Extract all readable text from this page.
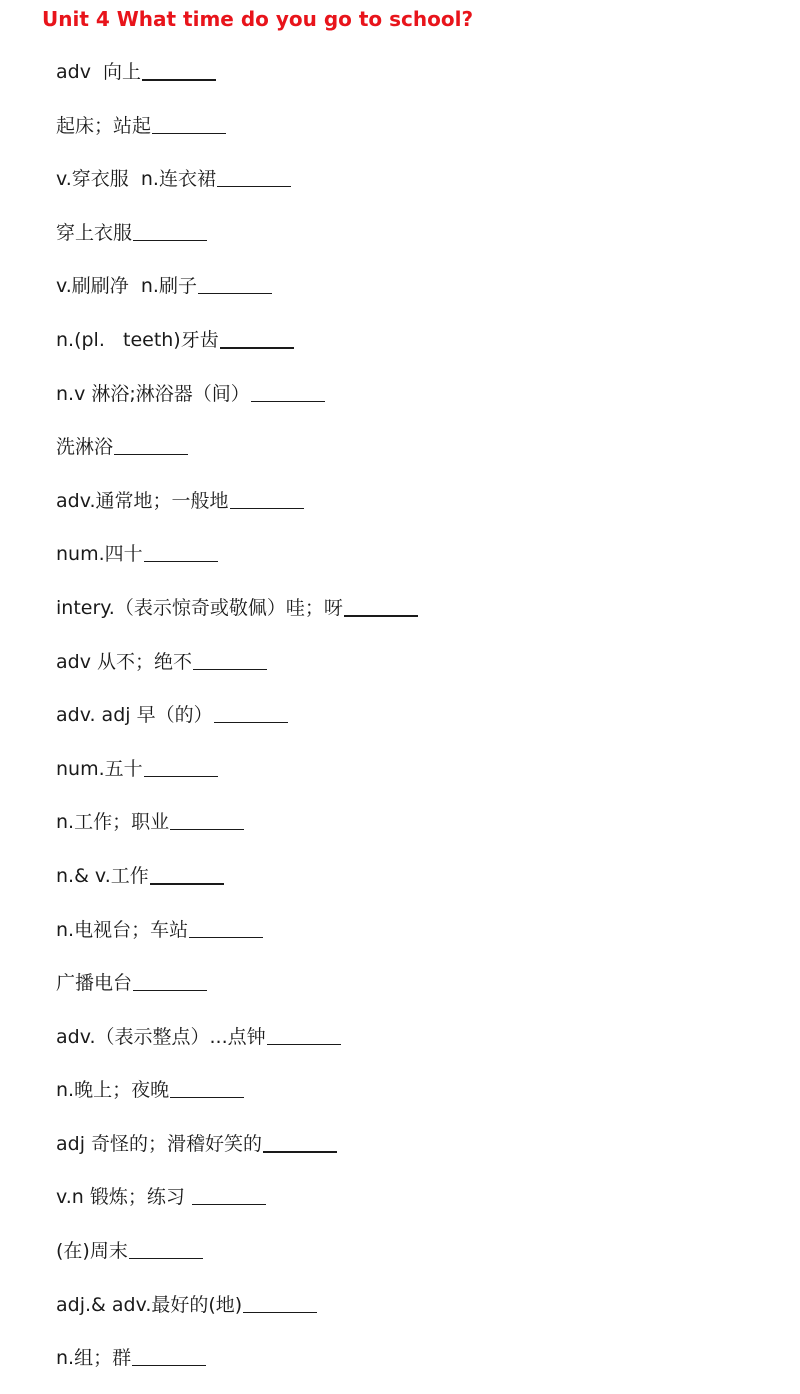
Unit 4 What time do you go to school?
adv  向上
起床；站起
v.穿衣服  n.连衣裙
穿上衣服
v.刷刷净  n.刷子
n.(pl.   teeth)牙齿
n.v 淋浴;淋浴器（间）
洗淋浴
adv.通常地；一般地
num.四十
intery.（表示惊奇或敬佩）哇；呀
adv 从不；绝不
adv. adj 早（的）
num.五十
n.工作；职业
n.& v.工作
n.电视台；车站
广播电台
adv.（表示整点）...点钟
n.晚上；夜晚
adj 奇怪的；滑稽好笑的
v.n 锻炼；练习
(在)周末
adj.& adv.最好的(地)
n.组；群
